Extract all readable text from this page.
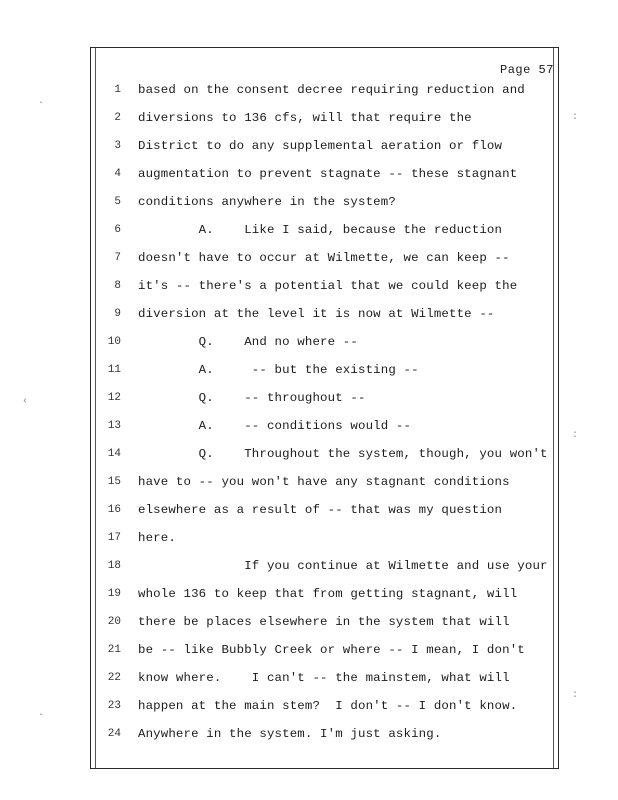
Page 57
1 based on the consent decree requiring reduction and
2 diversions to 136 cfs, will that require the
3 District to do any supplemental aeration or flow
4 augmentation to prevent stagnate -- these stagnant
5 conditions anywhere in the system?
6 A.    Like I said, because the reduction
7 doesn't have to occur at Wilmette, we can keep --
8 it's -- there's a potential that we could keep the
9 diversion at the level it is now at Wilmette --
10 Q.    And no where --
11 A.     -- but the existing --
12 Q.    -- throughout --
13 A.    -- conditions would --
14 Q.    Throughout the system, though, you won't
15 have to -- you won't have any stagnant conditions
16 elsewhere as a result of -- that was my question
17 here.
18 If you continue at Wilmette and use your
19 whole 136 to keep that from getting stagnant, will
20 there be places elsewhere in the system that will
21 be -- like Bubbly Creek or where -- I mean, I don't
22 know where.    I can't -- the mainstem, what will
23 happen at the main stem?  I don't -- I don't know.
24 Anywhere in the system. I'm just asking.
·
‹
·
:
:
:
